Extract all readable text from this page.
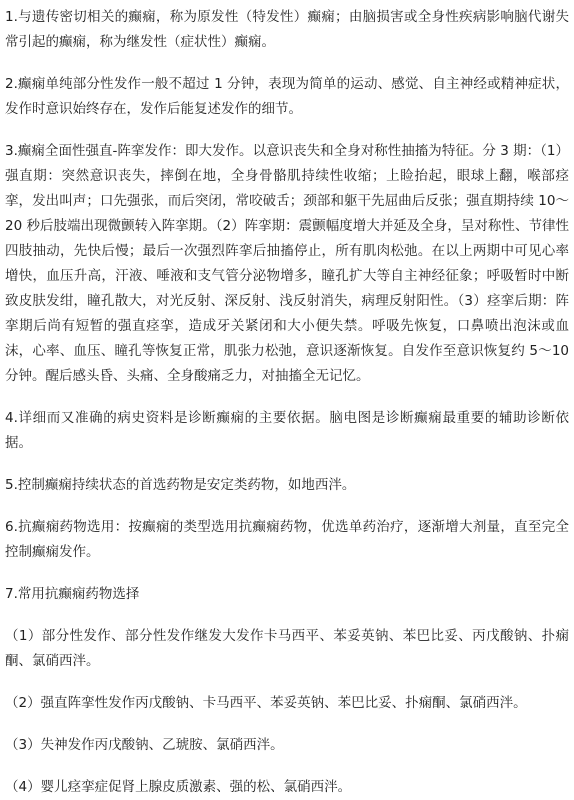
1.与遗传密切相关的癫痫，称为原发性（特发性）癫痫；由脑损害或全身性疾病影响脑代谢失常引起的癫痫，称为继发性（症状性）癫痫。

2.癫痫单纯部分性发作一般不超过 1 分钟，表现为简单的运动、感觉、自主神经或精神症状，发作时意识始终存在，发作后能复述发作的细节。

3.癫痫全面性强直-阵挛发作：即大发作。以意识丧失和全身对称性抽搐为特征。分 3 期：（1）强直期：突然意识丧失，摔倒在地，全身骨骼肌持续性收缩；上睑抬起，眼球上翻，喉部痉挛，发出叫声；口先强张，而后突闭，常咬破舌；颈部和躯干先屈曲后反张；强直期持续 10～20 秒后肢端出现微颤转入阵挛期。（2）阵挛期：震颤幅度增大并延及全身，呈对称性、节律性四肢抽动，先快后慢；最后一次强烈阵挛后抽搐停止，所有肌肉松弛。在以上两期中可见心率增快，血压升高，汗液、唾液和支气管分泌物增多，瞳孔扩大等自主神经征象；呼吸暂时中断致皮肤发绀，瞳孔散大，对光反射、深反射、浅反射消失，病理反射阳性。（3）痉挛后期：阵挛期后尚有短暂的强直痉挛，造成牙关紧闭和大小便失禁。呼吸先恢复，口鼻喷出泡沫或血沫，心率、血压、瞳孔等恢复正常，肌张力松弛，意识逐渐恢复。自发作至意识恢复约 5～10 分钟。醒后感头昏、头痛、全身酸痛乏力，对抽搐全无记忆。

4.详细而又准确的病史资料是诊断癫痫的主要依据。脑电图是诊断癫痫最重要的辅助诊断依据。

5.控制癫痫持续状态的首选药物是安定类药物，如地西泮。

6.抗癫痫药物选用：按癫痫的类型选用抗癫痫药物，优选单药治疗，逐渐增大剂量，直至完全控制癫痫发作。

7.常用抗癫痫药物选择

（1）部分性发作、部分性发作继发大发作卡马西平、苯妥英钠、苯巴比妥、丙戊酸钠、扑痫酮、氯硝西泮。

（2）强直阵挛性发作丙戊酸钠、卡马西平、苯妥英钠、苯巴比妥、扑痫酮、氯硝西泮。

（3）失神发作丙戊酸钠、乙琥胺、氯硝西泮。

（4）婴儿痉挛症促肾上腺皮质激素、强的松、氯硝西泮。
